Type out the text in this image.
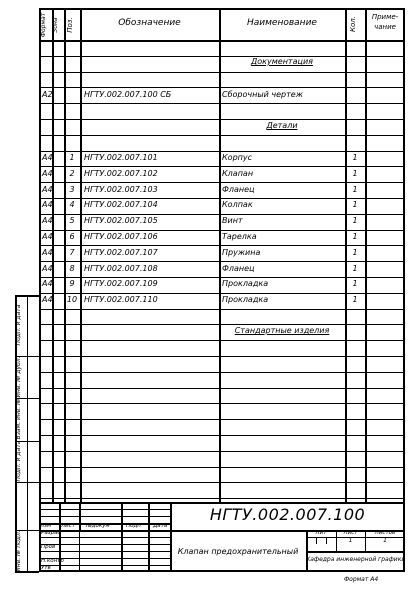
Подп. и дата
Инв. № дубл.
Взам. инв. №
Подп. и дата
Инв. № подл.
Формат Зона	Поз.	Обозначение	Наименование	Кол.	Приме-
чание
Документация
Детали
Стандартные изделия
А2	НГТУ.002.007.100 СБ	Сборочный чертеж
А4	1	НГТУ.002.007.101	Корпус	1
А4	2	НГТУ.002.007.102	Клапан	1
А4	3	НГТУ.002.007.103	Фланец	1
А4	4	НГТУ.002.007.104	Колпак	1
А4	5	НГТУ.002.007.105	Винт	1
А4	6	НГТУ.002.007.106	Тарелка	1
А4	7	НГТУ.002.007.107	Пружина	1
А4	8	НГТУ.002.007.108	Фланец	1
А4	9	НГТУ.002.007.109	Прокладка	1
А4	10 НГТУ.002.007.110	Прокладка	1
НГТУ.002.007.100
Клапан предохранительный
Кафедра инженерной графики
Изм Лист №докум	Подп Дата
Разраб
Пров
Н.контр
Утв
Лит	Лист	Листов
1	1
Формат А4
